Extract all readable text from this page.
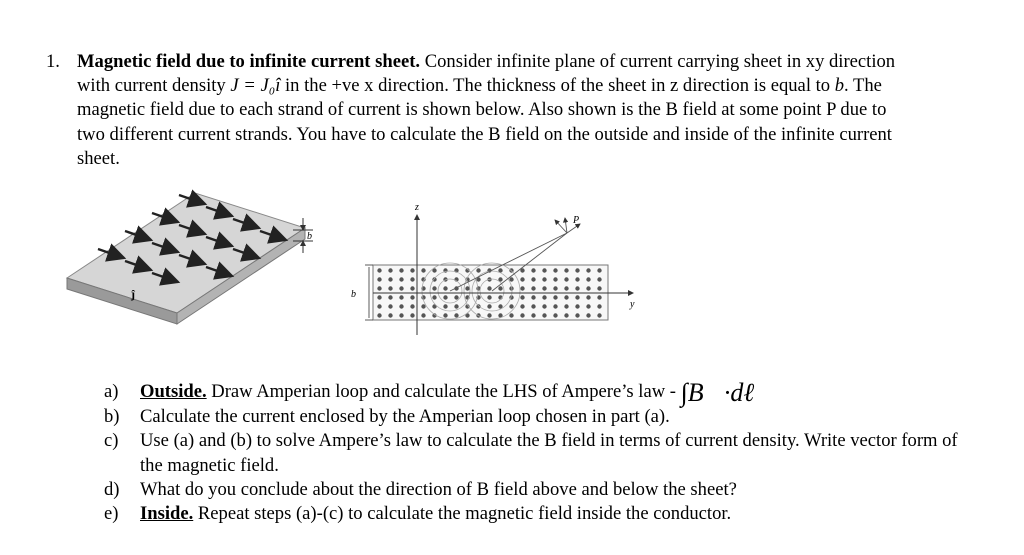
1. Magnetic field due to infinite current sheet. Consider infinite plane of current carrying sheet in xy direction with current density J = J₀î in the +ve x direction. The thickness of the sheet in z direction is equal to b. The magnetic field due to each strand of current is shown below. Also shown is the B field at some point P due to two different current strands. You have to calculate the B field on the outside and inside of the infinite current sheet.
ĵ
b
z
y
P
b
a) Outside. Draw Amperian loop and calculate the LHS of Ampere’s law - ∫B⃗·dℓ⃗
b) Calculate the current enclosed by the Amperian loop chosen in part (a).
c) Use (a) and (b) to solve Ampere’s law to calculate the B field in terms of current density. Write vector form of the magnetic field.
d) What do you conclude about the direction of B field above and below the sheet?
e) Inside. Repeat steps (a)-(c) to calculate the magnetic field inside the conductor.
